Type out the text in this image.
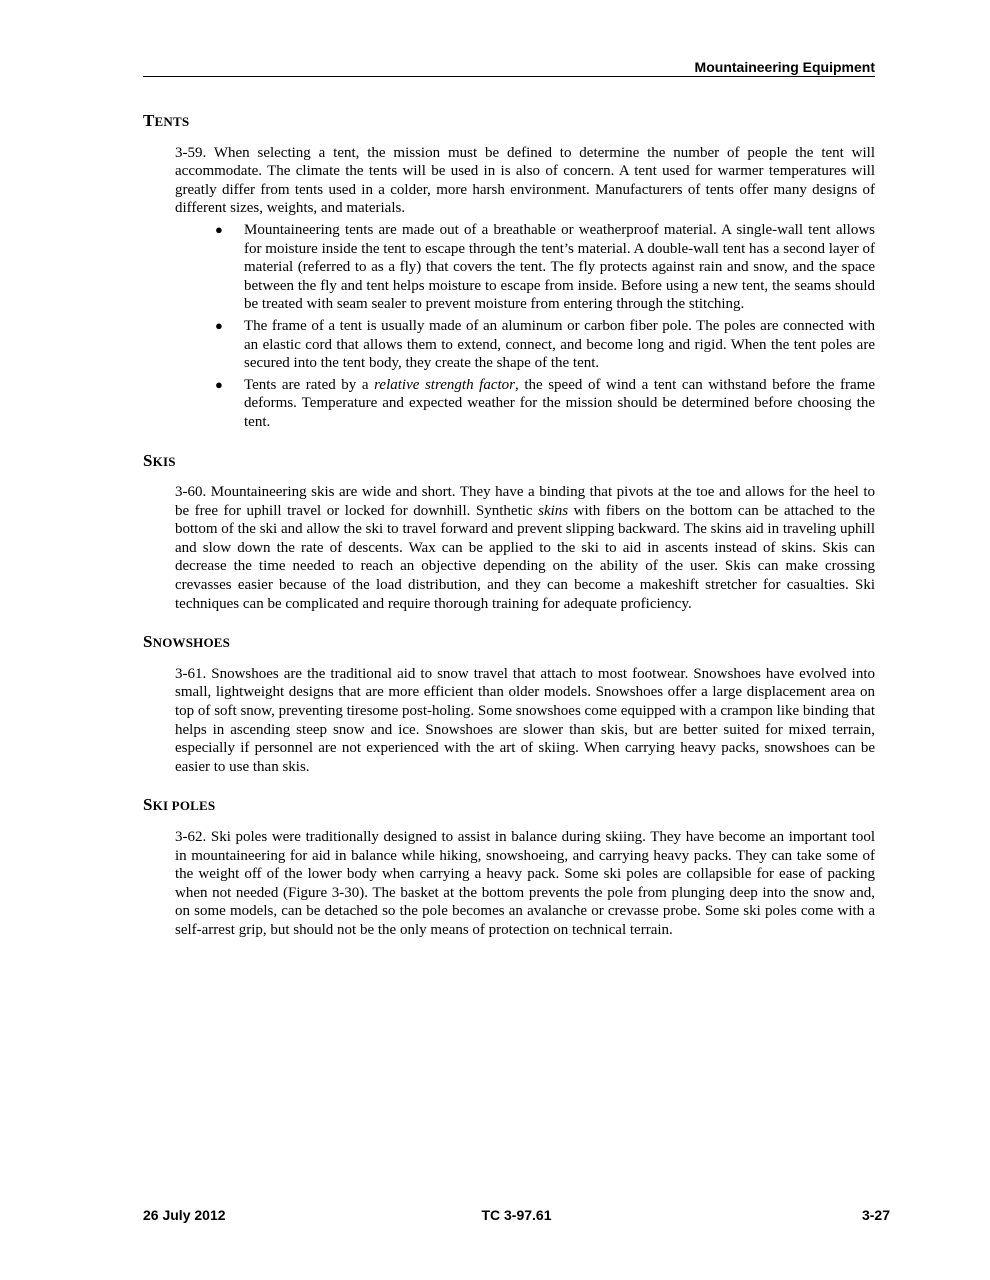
Mountaineering Equipment
TENTS

3-59. When selecting a tent, the mission must be defined to determine the number of people the tent will accommodate. The climate the tents will be used in is also of concern. A tent used for warmer temperatures will greatly differ from tents used in a colder, more harsh environment. Manufacturers of tents offer many designs of different sizes, weights, and materials.

● Mountaineering tents are made out of a breathable or weatherproof material. A single-wall tent allows for moisture inside the tent to escape through the tent’s material. A double-wall tent has a second layer of material (referred to as a fly) that covers the tent. The fly protects against rain and snow, and the space between the fly and tent helps moisture to escape from inside. Before using a new tent, the seams should be treated with seam sealer to prevent moisture from entering through the stitching.
● The frame of a tent is usually made of an aluminum or carbon fiber pole. The poles are connected with an elastic cord that allows them to extend, connect, and become long and rigid. When the tent poles are secured into the tent body, they create the shape of the tent.
● Tents are rated by a relative strength factor, the speed of wind a tent can withstand before the frame deforms. Temperature and expected weather for the mission should be determined before choosing the tent.
SKIS

3-60. Mountaineering skis are wide and short. They have a binding that pivots at the toe and allows for the heel to be free for uphill travel or locked for downhill. Synthetic skins with fibers on the bottom can be attached to the bottom of the ski and allow the ski to travel forward and prevent slipping backward. The skins aid in traveling uphill and slow down the rate of descents. Wax can be applied to the ski to aid in ascents instead of skins. Skis can decrease the time needed to reach an objective depending on the ability of the user. Skis can make crossing crevasses easier because of the load distribution, and they can become a makeshift stretcher for casualties. Ski techniques can be complicated and require thorough training for adequate proficiency.

SNOWSHOES

3-61. Snowshoes are the traditional aid to snow travel that attach to most footwear. Snowshoes have evolved into small, lightweight designs that are more efficient than older models. Snowshoes offer a large displacement area on top of soft snow, preventing tiresome post-holing. Some snowshoes come equipped with a crampon like binding that helps in ascending steep snow and ice. Snowshoes are slower than skis, but are better suited for mixed terrain, especially if personnel are not experienced with the art of skiing. When carrying heavy packs, snowshoes can be easier to use than skis.

SKI POLES

3-62. Ski poles were traditionally designed to assist in balance during skiing. They have become an important tool in mountaineering for aid in balance while hiking, snowshoeing, and carrying heavy packs. They can take some of the weight off of the lower body when carrying a heavy pack. Some ski poles are collapsible for ease of packing when not needed (Figure 3-30). The basket at the bottom prevents the pole from plunging deep into the snow and, on some models, can be detached so the pole becomes an avalanche or crevasse probe. Some ski poles come with a self-arrest grip, but should not be the only means of protection on technical terrain.

26 July 2012	TC 3-97.61	3-27
